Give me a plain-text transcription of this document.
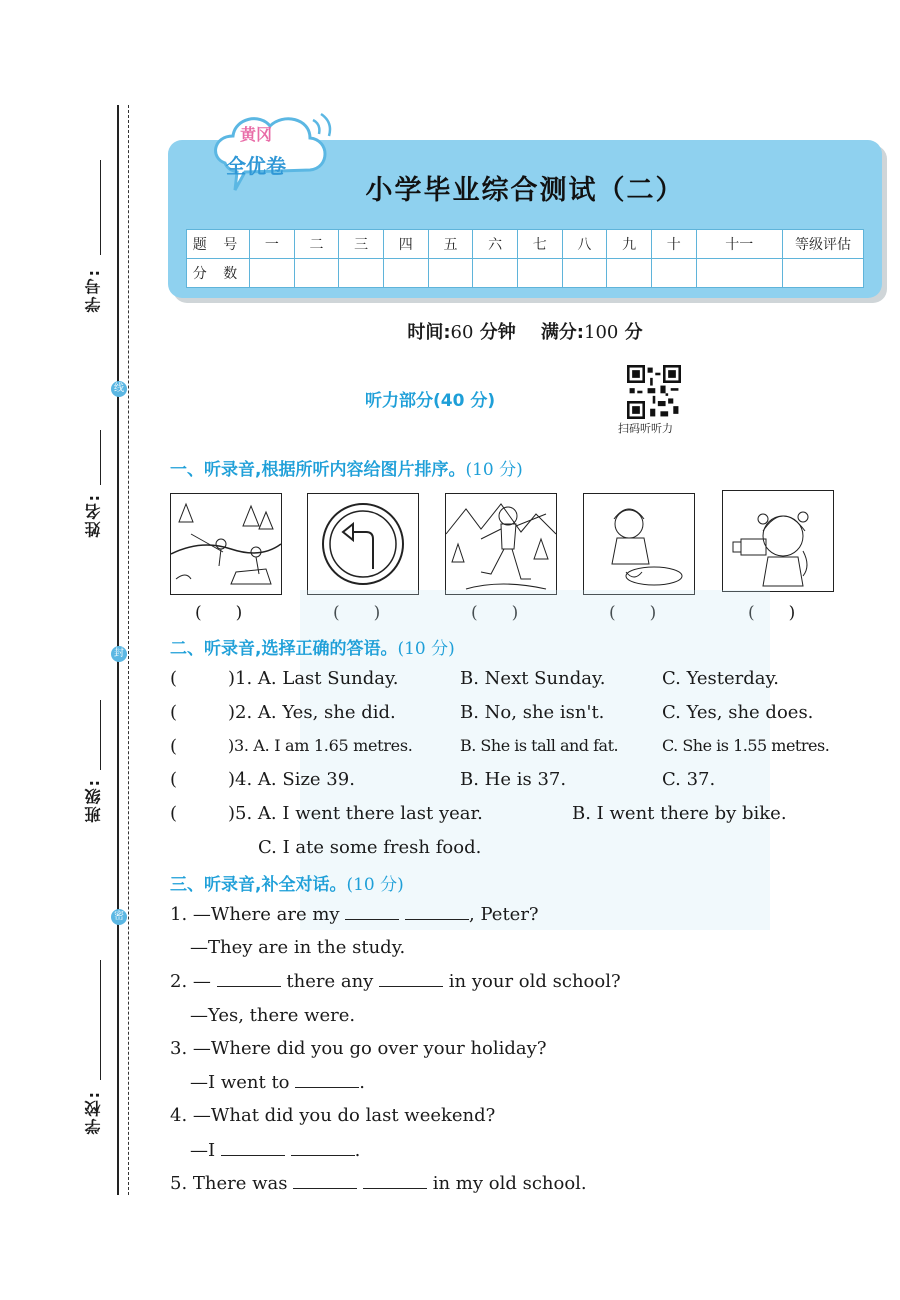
线
封
密
学号:
姓名:
班级:
学校:
小学毕业综合测试（二）
黄冈
全优卷
题 号	一	二	三	四	五	六	七	八	九	十	十一	等级评估
分 数												
时间:60 分钟 满分:100 分
听力部分(40 分)
扫码听听力
一、听录音,根据所听内容给图片排序。(10 分)
(　　)	(　　)	(　　)	(　　)	(　　)
二、听录音,选择正确的答语。(10 分)
(	)1. A. Last Sunday.	B. Next Sunday.	C. Yesterday.
(	)2. A. Yes, she did.	B. No, she isn't.	C. Yes, she does.
(	)3. A. I am 1.65 metres.	B. She is tall and fat.	C. She is 1.55 metres.
(	)4. A. Size 39.	B. He is 37.	C. 37.
(	)5. A. I went there last year.	B. I went there by bike.
C. I ate some fresh food.
三、听录音,补全对话。(10 分)
1. —Where are my	, Peter?
—They are in the study.
2. —	there any	in your old school?
—Yes, there were.
3. —Where did you go over your holiday?
—I went to	.
4. —What did you do last weekend?
—I	.
5. There was	in my old school.
